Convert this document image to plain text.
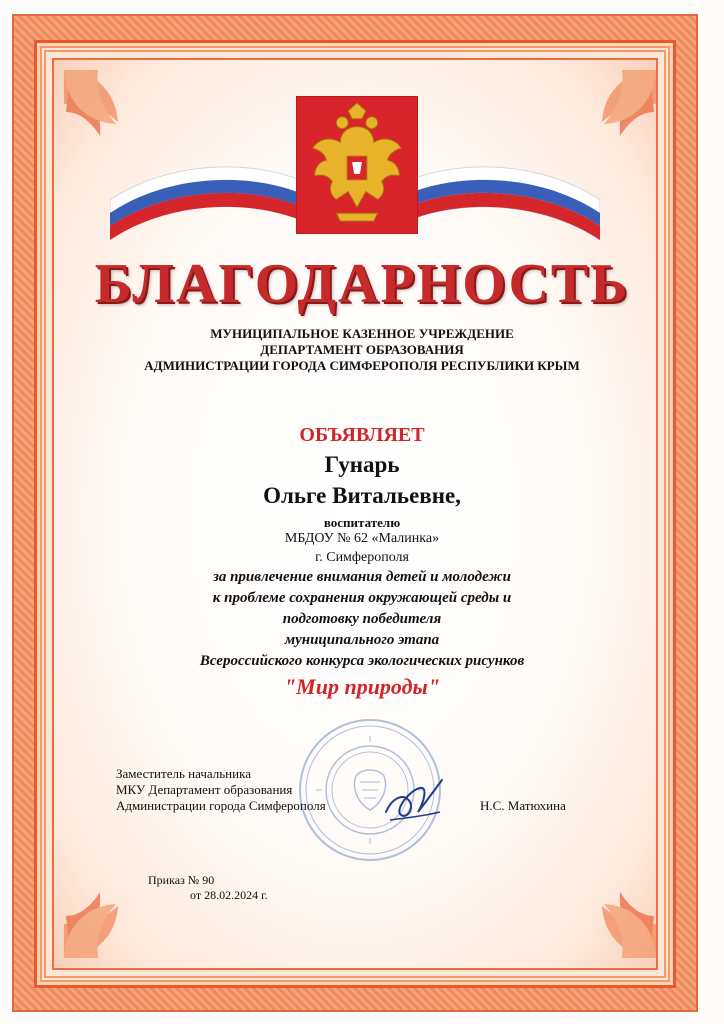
БЛАГОДАРНОСТЬ
МУНИЦИПАЛЬНОЕ КАЗЕННОЕ УЧРЕЖДЕНИЕ
ДЕПАРТАМЕНТ ОБРАЗОВАНИЯ
АДМИНИСТРАЦИИ ГОРОДА СИМФЕРОПОЛЯ РЕСПУБЛИКИ КРЫМ
ОБЪЯВЛЯЕТ
Гунарь
Ольге Витальевне,
воспитателю
МБДОУ № 62 «Малинка»
г. Симферополя
за привлечение внимания детей и молодежи
к проблеме сохранения окружающей среды и
подготовку победителя
муниципального этапа
Всероссийского конкурса экологических рисунков
"Мир природы"
Заместитель начальника
МКУ Департамент образования
Администрации города Симферополя	Н.С. Матюхина
Приказ № 90
от 28.02.2024 г.
